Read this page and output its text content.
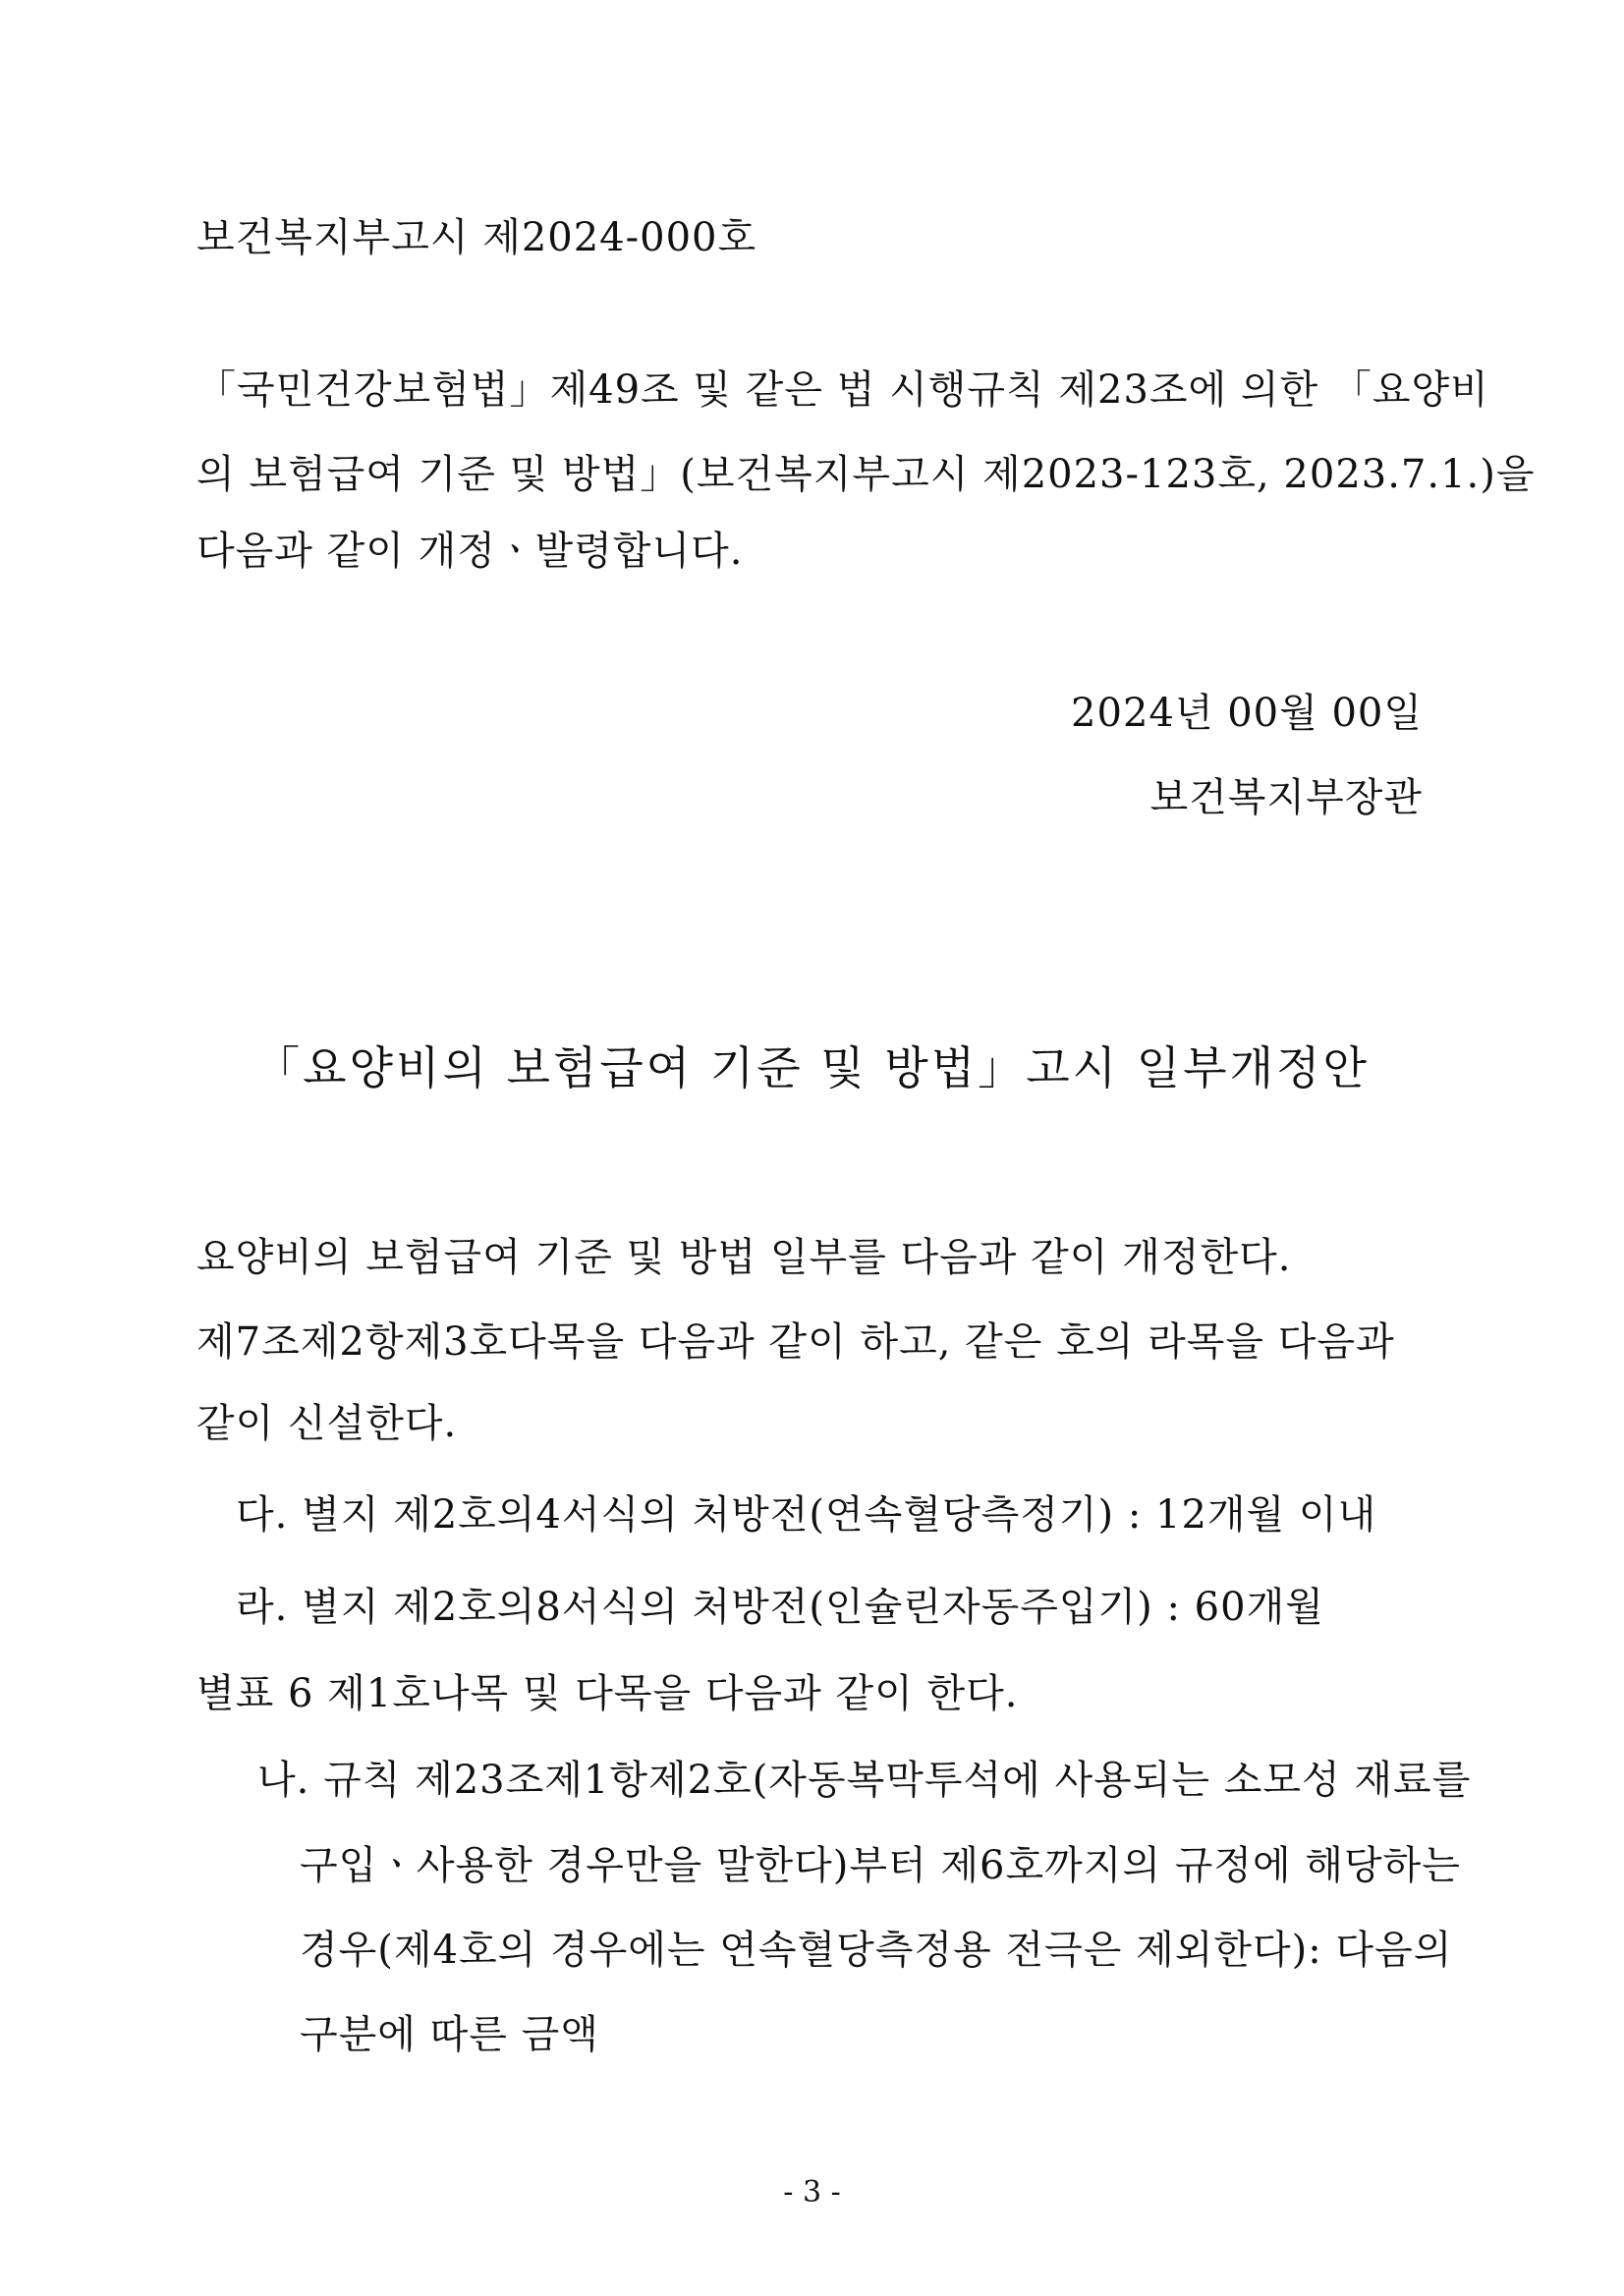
보건복지부고시 제2024-000호
「국민건강보험법」제49조 및 같은 법 시행규칙 제23조에 의한 「요양비
의 보험급여 기준 및 방법」(보건복지부고시 제2023-123호, 2023.7.1.)을
다음과 같이 개정ㆍ발령합니다.
2024년 00월 00일
보건복지부장관
「요양비의 보험급여 기준 및 방법」고시 일부개정안
요양비의 보험급여 기준 및 방법 일부를 다음과 같이 개정한다.
제7조제2항제3호다목을 다음과 같이 하고, 같은 호의 라목을 다음과
같이 신설한다.
다. 별지 제2호의4서식의 처방전(연속혈당측정기) : 12개월 이내
라. 별지 제2호의8서식의 처방전(인슐린자동주입기) : 60개월
별표 6 제1호나목 및 다목을 다음과 같이 한다.
나. 규칙 제23조제1항제2호(자동복막투석에 사용되는 소모성 재료를
구입ㆍ사용한 경우만을 말한다)부터 제6호까지의 규정에 해당하는
경우(제4호의 경우에는 연속혈당측정용 전극은 제외한다): 다음의
구분에 따른 금액
- 3 -
